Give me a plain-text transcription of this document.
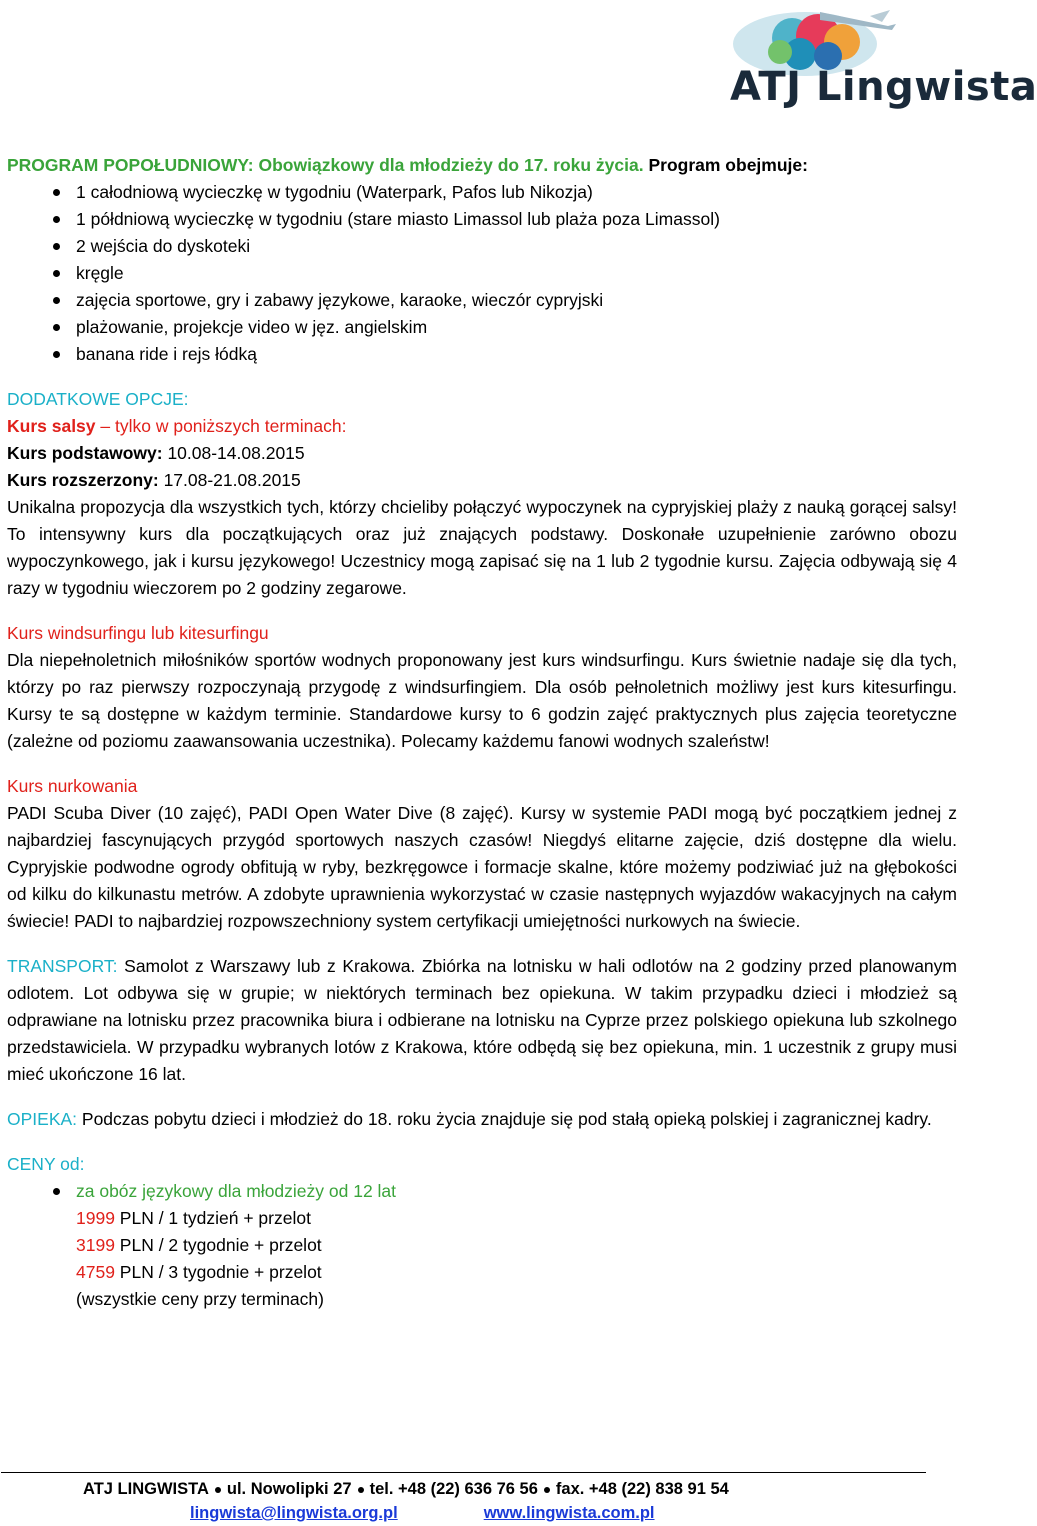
ATJ Lingwista

PROGRAM POPOŁUDNIOWY: Obowiązkowy dla młodzieży do 17. roku życia. Program obejmuje:

1 całodniową wycieczkę w tygodniu (Waterpark, Pafos lub Nikozja)
1 półdniową wycieczkę w tygodniu (stare miasto Limassol lub plaża poza Limassol)
2 wejścia do dyskoteki
kręgle
zajęcia sportowe, gry i zabawy językowe, karaoke, wieczór cypryjski
plażowanie, projekcje video w jęz. angielskim
banana ride i rejs łódką

DODATKOWE OPCJE:

Kurs salsy – tylko w poniższych terminach:

Kurs podstawowy: 10.08-14.08.2015

Kurs rozszerzony: 17.08-21.08.2015

Unikalna propozycja dla wszystkich tych, którzy chcieliby połączyć wypoczynek na cypryjskiej plaży z nauką gorącej salsy! To intensywny kurs dla początkujących oraz już znających podstawy. Doskonałe uzupełnienie zarówno obozu wypoczynkowego, jak i kursu językowego! Uczestnicy mogą zapisać się na 1 lub 2 tygodnie kursu. Zajęcia odbywają się 4 razy w tygodniu wieczorem po 2 godziny zegarowe.

Kurs windsurfingu lub kitesurfingu

Dla niepełnoletnich miłośników sportów wodnych proponowany jest kurs windsurfingu. Kurs świetnie nadaje się dla tych, którzy po raz pierwszy rozpoczynają przygodę z windsurfingiem. Dla osób pełnoletnich możliwy jest kurs kitesurfingu. Kursy te są dostępne w każdym terminie. Standardowe kursy to 6 godzin zajęć praktycznych plus zajęcia teoretyczne (zależne od poziomu zaawansowania uczestnika). Polecamy każdemu fanowi wodnych szaleństw!

Kurs nurkowania

PADI Scuba Diver (10 zajęć), PADI Open Water Dive (8 zajęć). Kursy w systemie PADI mogą być początkiem jednej z najbardziej fascynujących przygód sportowych naszych czasów! Niegdyś elitarne zajęcie, dziś dostępne dla wielu. Cypryjskie podwodne ogrody obfitują w ryby, bezkręgowce i formacje skalne, które możemy podziwiać już na głębokości od kilku do kilkunastu metrów. A zdobyte uprawnienia wykorzystać w czasie następnych wyjazdów wakacyjnych na całym świecie! PADI to najbardziej rozpowszechniony system certyfikacji umiejętności nurkowych na świecie.

TRANSPORT: Samolot z Warszawy lub z Krakowa. Zbiórka na lotnisku w hali odlotów na 2 godziny przed planowanym odlotem. Lot odbywa się w grupie; w niektórych terminach bez opiekuna. W takim przypadku dzieci i młodzież są odprawiane na lotnisku przez pracownika biura i odbierane na lotnisku na Cyprze przez polskiego opiekuna lub szkolnego przedstawiciela. W przypadku wybranych lotów z Krakowa, które odbędą się bez opiekuna, min. 1 uczestnik z grupy musi mieć ukończone 16 lat.

OPIEKA: Podczas pobytu dzieci i młodzież do 18. roku życia znajduje się pod stałą opieką polskiej i zagranicznej kadry.

CENY od:

za obóz językowy dla młodzieży od 12 lat
1999 PLN / 1 tydzień + przelot
3199 PLN / 2 tygodnie + przelot
4759 PLN / 3 tygodnie + przelot
(wszystkie ceny przy terminach)
ATJ LINGWISTA ul. Nowolipki 27 tel. +48 (22) 636 76 56 fax. +48 (22) 838 91 54
lingwista@lingwista.org.pl	www.lingwista.com.pl
